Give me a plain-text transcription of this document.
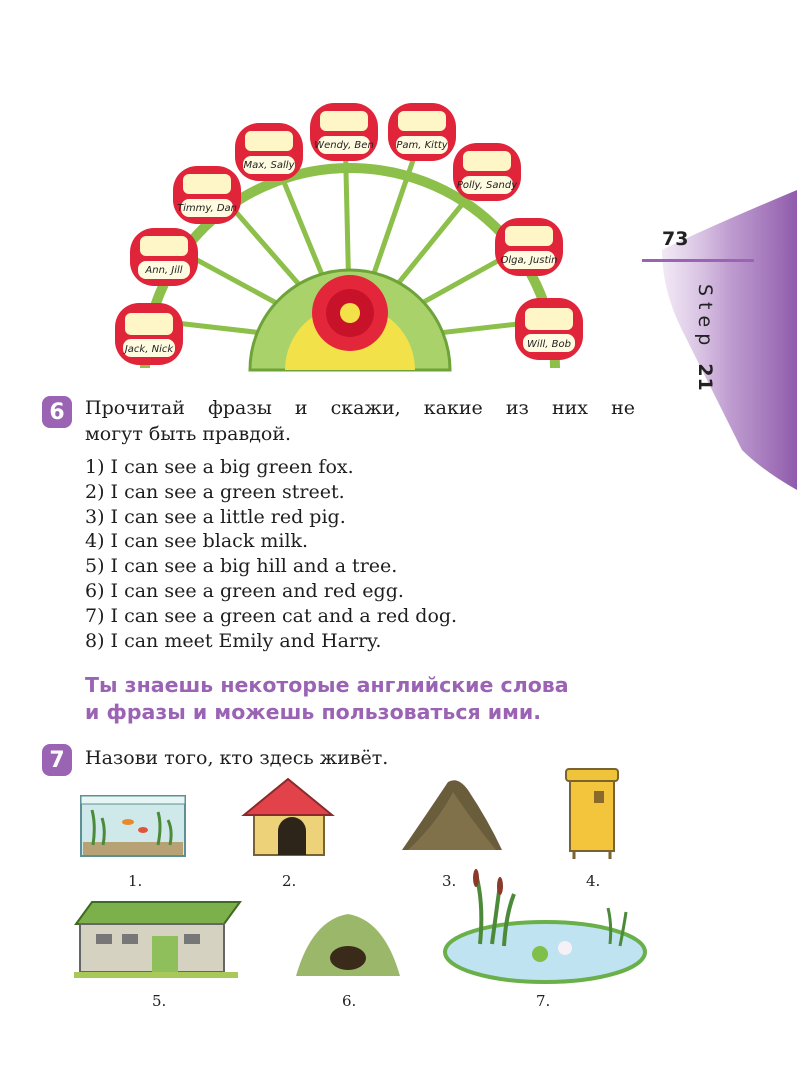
73
Step 21
Jack, Nick
Ann, Jill
Timmy, Dan
Max, Sally
Wendy, Ben Pam, Kitty
Polly, Sandy
Olga, Justin
Will, Bob
6	Прочитай фразы и скажи, какие из них не
могут быть правдой.
1) I can see a big green fox.
2) I can see a green street.
3) I can see a little red pig.
4) I can see black milk.
5) I can see a big hill and a tree.
6) I can see a green and red egg.
7) I can see a green cat and a red dog.
8) I can meet Emily and Harry.
Ты знаешь некоторые английские слова
и фразы и можешь пользоваться ими.
7	Назови того, кто здесь живёт.
1.	2.	3.	4.
5.	6.	7.
